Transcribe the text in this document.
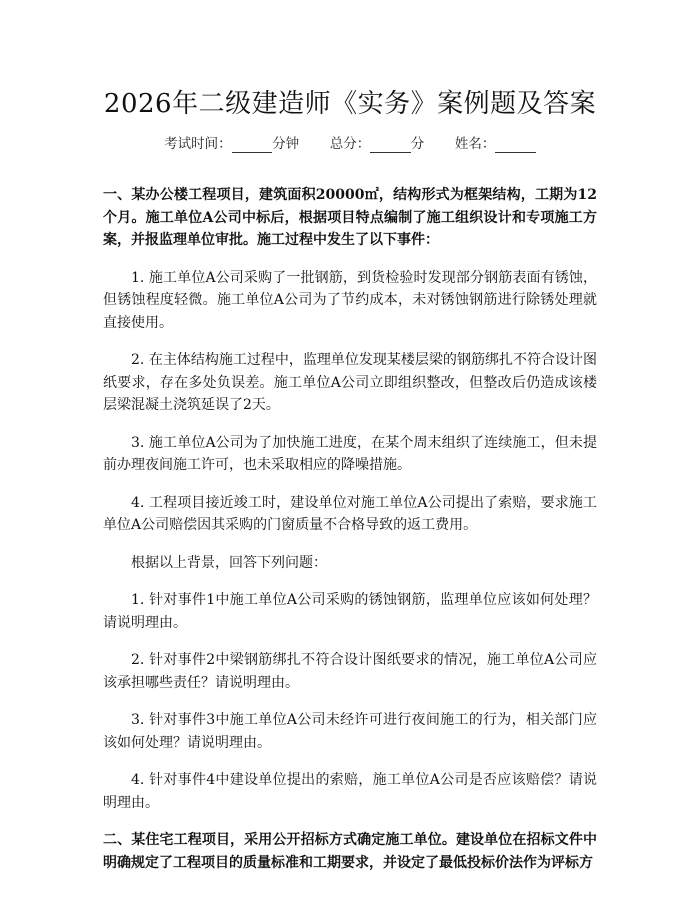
2026年二级建造师《实务》案例题及答案
考试时间：	分钟 总分：	分 姓名：

一、某办公楼工程项目，建筑面积20000㎡，结构形式为框架结构，工期为12个月。施工单位A公司中标后，根据项目特点编制了施工组织设计和专项施工方案，并报监理单位审批。施工过程中发生了以下事件：

1. 施工单位A公司采购了一批钢筋，到货检验时发现部分钢筋表面有锈蚀，但锈蚀程度轻微。施工单位A公司为了节约成本，未对锈蚀钢筋进行除锈处理就直接使用。

2. 在主体结构施工过程中，监理单位发现某楼层梁的钢筋绑扎不符合设计图纸要求，存在多处负误差。施工单位A公司立即组织整改，但整改后仍造成该楼层梁混凝土浇筑延误了2天。

3. 施工单位A公司为了加快施工进度，在某个周末组织了连续施工，但未提前办理夜间施工许可，也未采取相应的降噪措施。

4. 工程项目接近竣工时，建设单位对施工单位A公司提出了索赔，要求施工单位A公司赔偿因其采购的门窗质量不合格导致的返工费用。

根据以上背景，回答下列问题：

1. 针对事件1中施工单位A公司采购的锈蚀钢筋，监理单位应该如何处理？请说明理由。

2. 针对事件2中梁钢筋绑扎不符合设计图纸要求的情况，施工单位A公司应该承担哪些责任？请说明理由。

3. 针对事件3中施工单位A公司未经许可进行夜间施工的行为，相关部门应该如何处理？请说明理由。

4. 针对事件4中建设单位提出的索赔，施工单位A公司是否应该赔偿？请说明理由。

二、某住宅工程项目，采用公开招标方式确定施工单位。建设单位在招标文件中明确规定了工程项目的质量标准和工期要求，并设定了最低投标价法作为评标方
